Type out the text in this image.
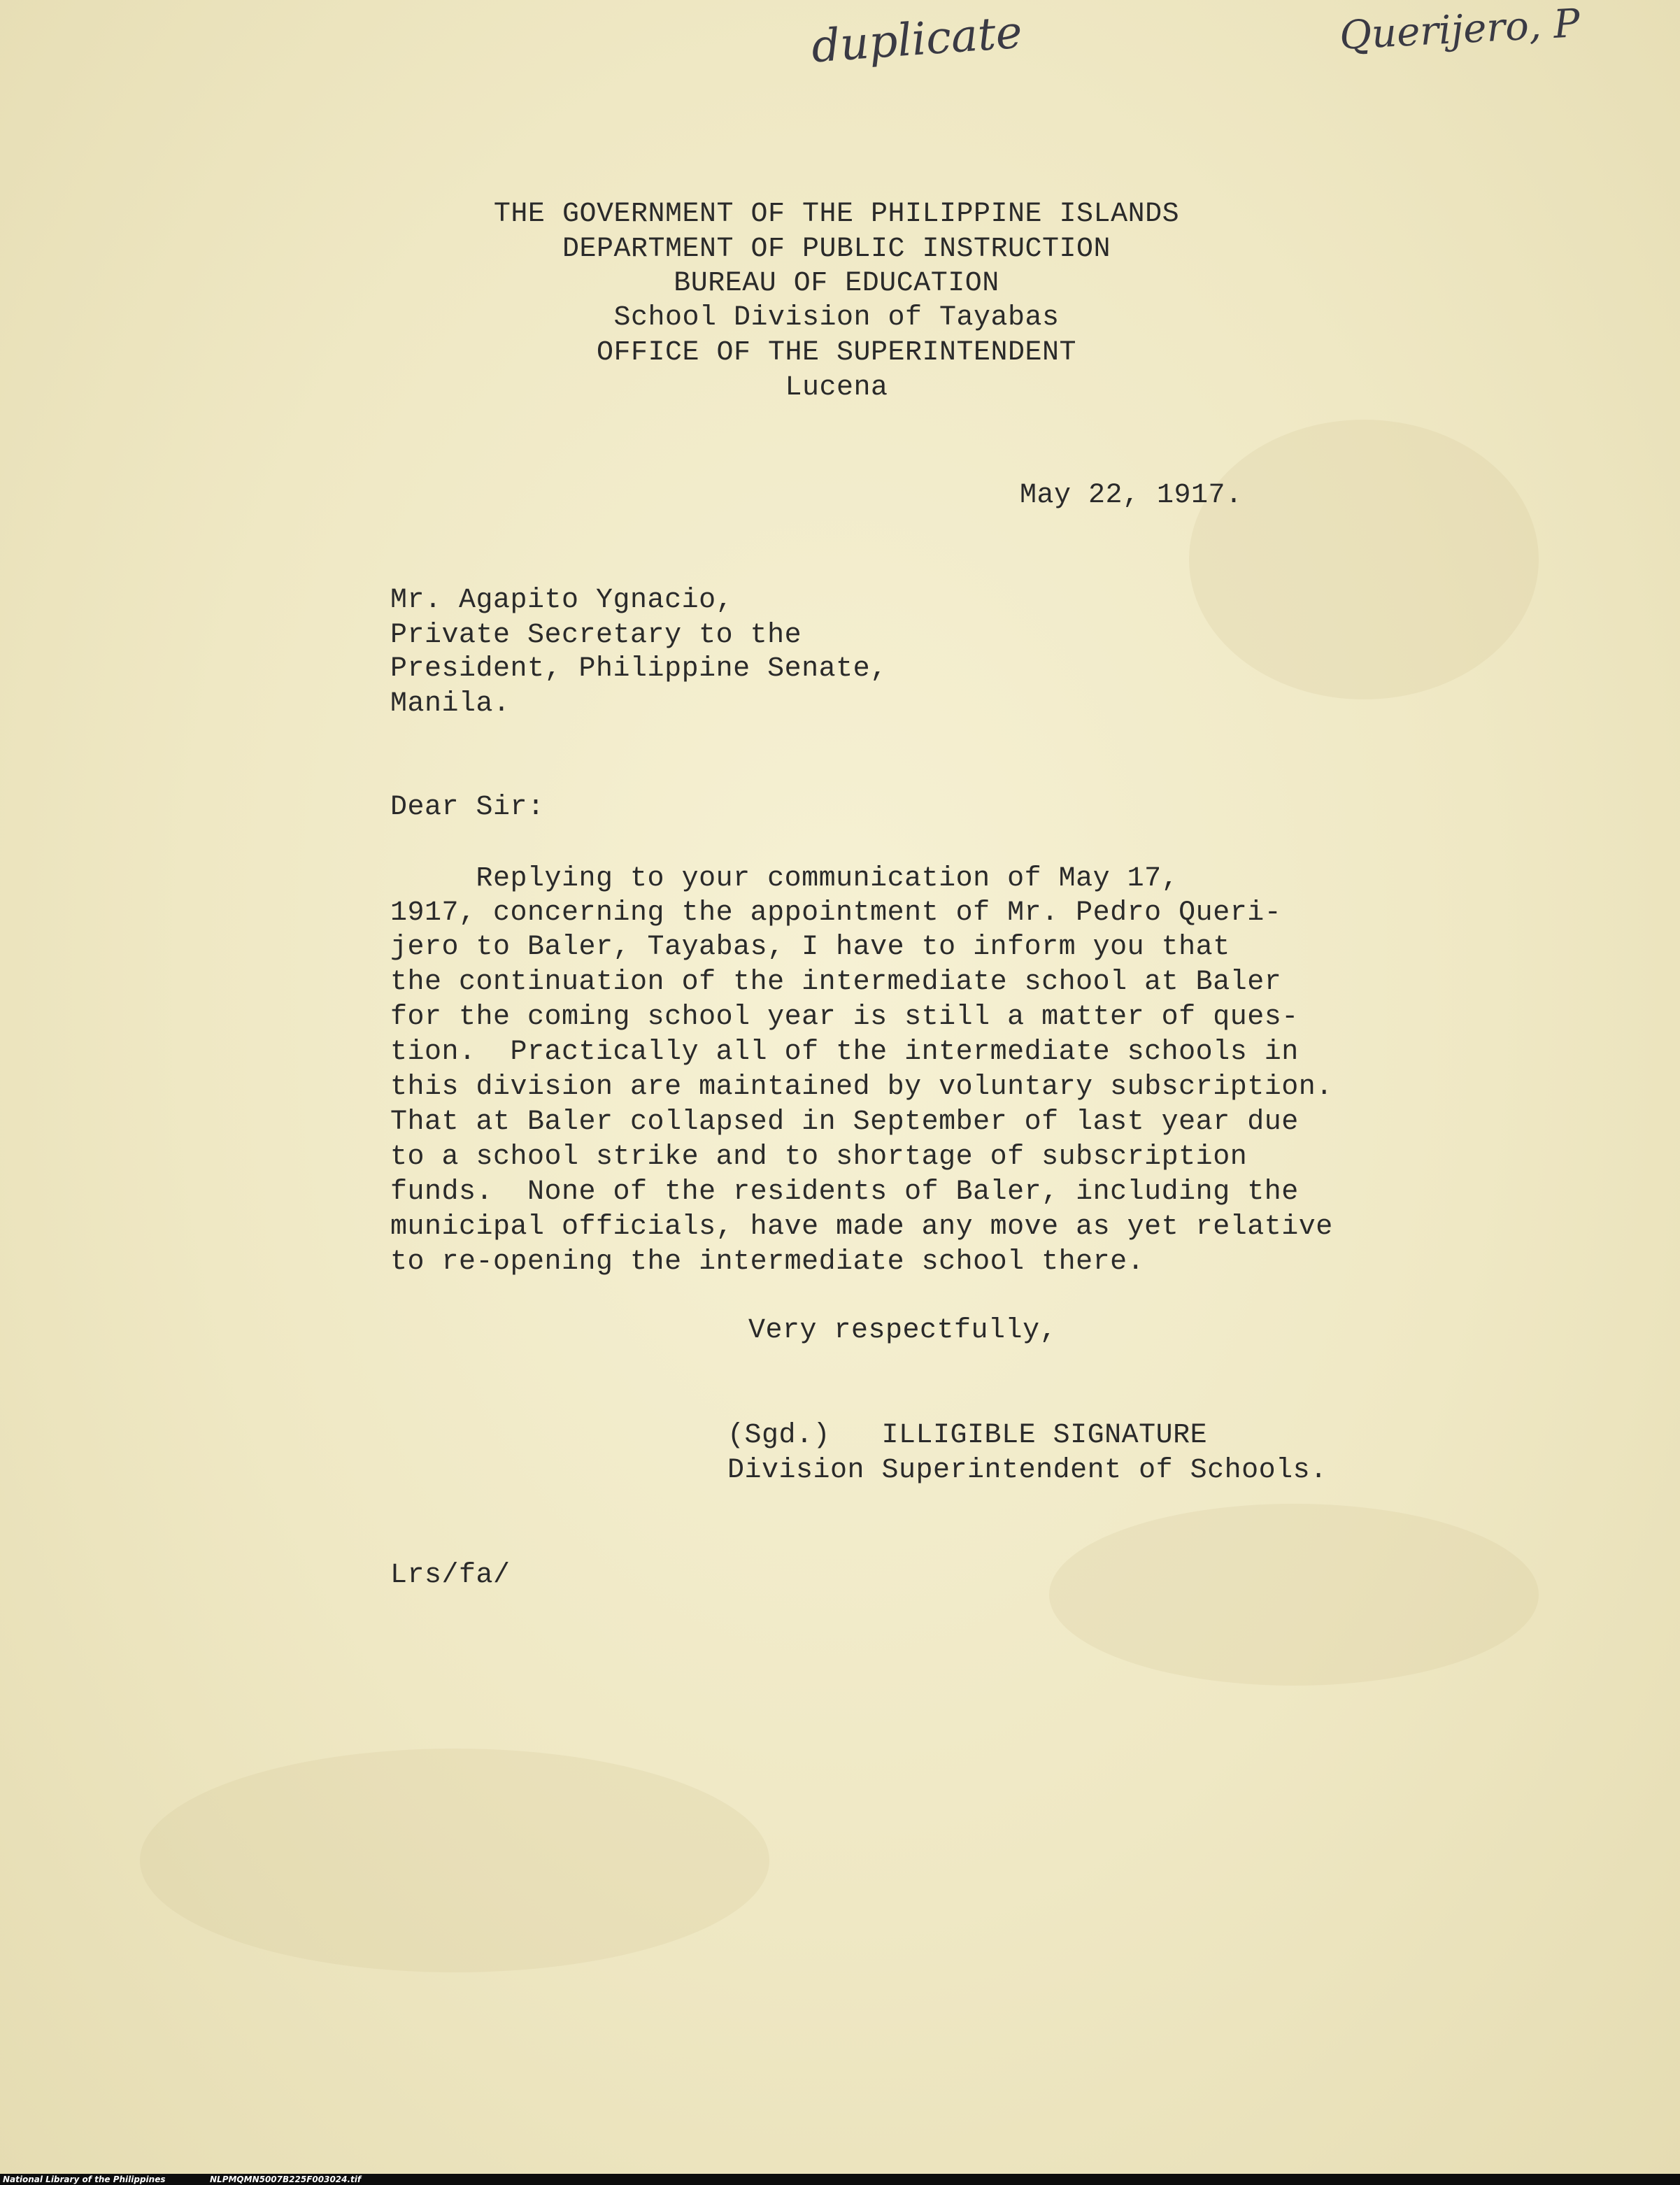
duplicate	Querijero, P
THE GOVERNMENT OF THE PHILIPPINE ISLANDS
DEPARTMENT OF PUBLIC INSTRUCTION
BUREAU OF EDUCATION
School Division of Tayabas
OFFICE OF THE SUPERINTENDENT
Lucena
May 22, 1917.
Mr. Agapito Ygnacio,
Private Secretary to the
President, Philippine Senate,
Manila.
Dear Sir:
Replying to your communication of May 17,
1917, concerning the appointment of Mr. Pedro Queri-
jero to Baler, Tayabas, I have to inform you that
the continuation of the intermediate school at Baler
for the coming school year is still a matter of ques-
tion.  Practically all of the intermediate schools in
this division are maintained by voluntary subscription.
That at Baler collapsed in September of last year due
to a school strike and to shortage of subscription
funds.  None of the residents of Baler, including the
municipal officials, have made any move as yet relative
to re-opening the intermediate school there.
Very respectfully,
(Sgd.)   ILLIGIBLE SIGNATURE
Division Superintendent of Schools.
Lrs/fa/
National Library of the Philippines	NLPMQMN5007B225F003024.tif
